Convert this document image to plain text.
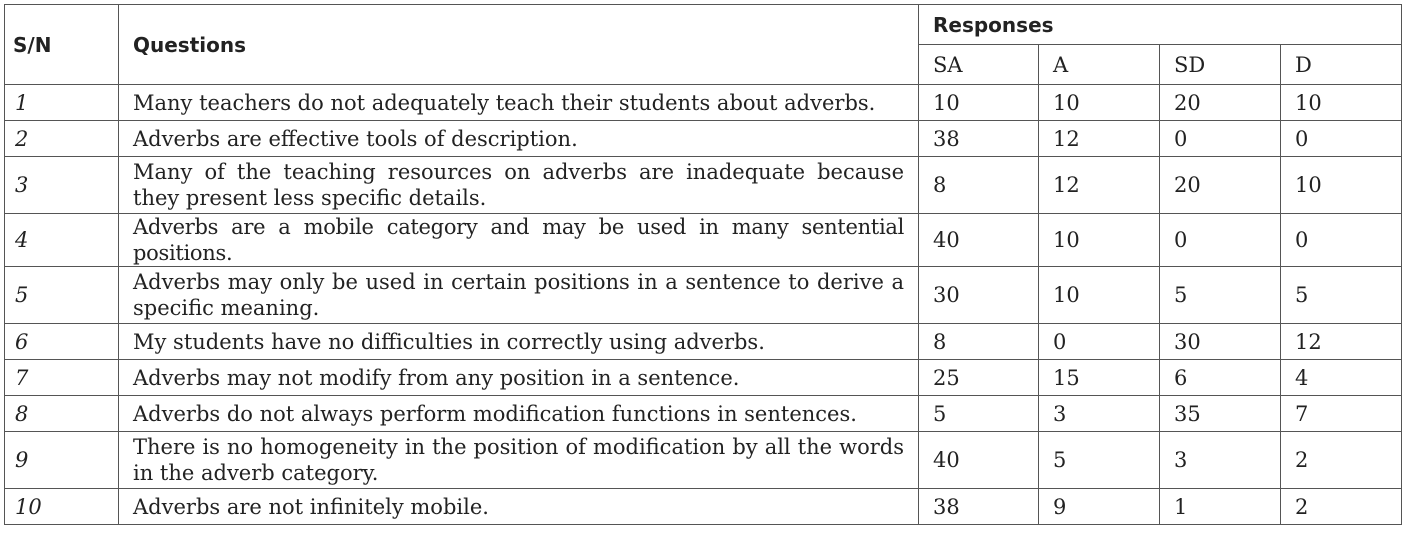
S/N	Questions	Responses			
		SA	A	SD	D
1	Many teachers do not adequately teach their students about adverbs.	10	10	20	10
2	Adverbs are effective tools of description.	38	12	0	0
3	Many of the teaching resources on adverbs are inadequate because they present less specific details.	8	12	20	10
4	Adverbs are a mobile category and may be used in many sentential positions.	40	10	0	0
5	Adverbs may only be used in certain positions in a sentence to derive a specific meaning.	30	10	5	5
6	My students have no difficulties in correctly using adverbs.	8	0	30	12
7	Adverbs may not modify from any position in a sentence.	25	15	6	4
8	Adverbs do not always perform modification functions in sentences.	5	3	35	7
9	There is no homogeneity in the position of modification by all the words in the adverb category.	40	5	3	2
10	Adverbs are not infinitely mobile.	38	9	1	2
